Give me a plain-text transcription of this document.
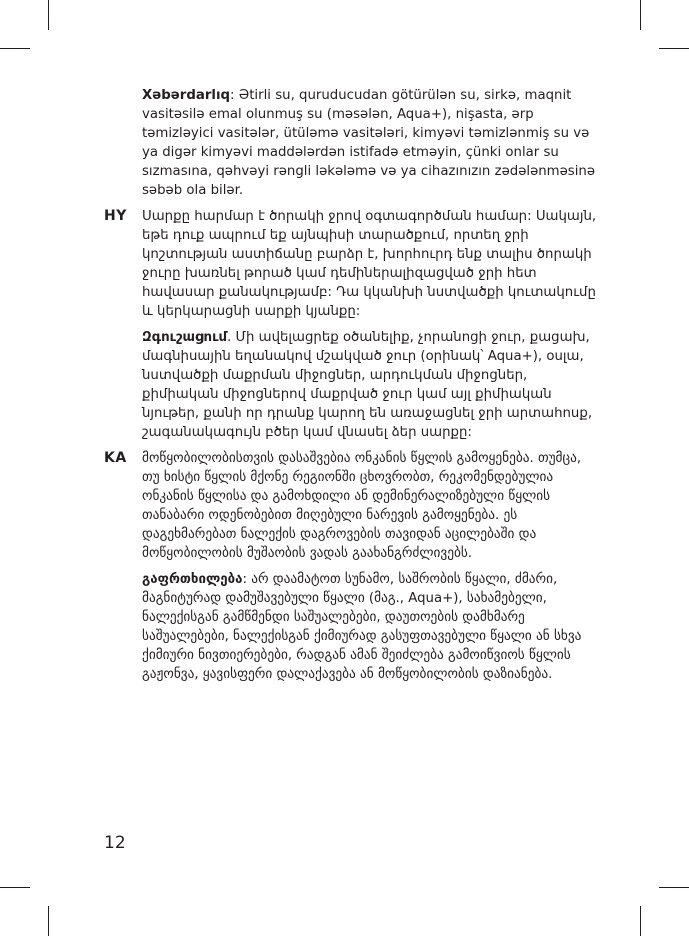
Xəbərdarlıq: Ətirli su, quruducudan götürülən su, sirkə, maqnit vasitəsilə emal olunmuş su (məsələn, Aqua+), nişasta, ərp təmizləyici vasitələr, ütüləmə vasitələri, kimyəvi təmizlənmiş su və ya digər kimyəvi maddələrdən istifadə etməyin, çünki onlar su sızmasına, qəhvəyi rəngli ləkələmə və ya cihazınızın zədələnməsinə səbəb ola bilər.

HY Սարքը հարմար է ծորակի ջրով օգտագործման համար: Սակայն, եթե դուք ապրում եք այնպիսի տարածքում, որտեղ ջրի կոշտության աստիճանը բարձր է, խորհուրդ ենք տալիս ծորակի ջուրը խառնել թորած կամ դեմիներալիզացված ջրի հետ հավասար քանակությամբ: Դա կկանխի նստվածքի կուտակումը և կերկարացնի սարքի կյանքը:

Զգուշացում. Մի ավելացրեք օծանելիք, չորանոցի ջուր, քացախ, մագնիսային եղանակով մշակված ջուր (օրինակ՝ Aqua+), օսլա, նստվածքի մաքրման միջոցներ, արդուկման միջոցներ, քիմիական միջոցներով մաքրված ջուր կամ այլ քիմիական նյութեր, քանի որ դրանք կարող են առաջացնել ջրի արտահոսք, շագանակագույն բծեր կամ վնասել ձեր սարքը:

KA მოწყობილობისთვის დასაშვებია ონკანის წყლის გამოყენება. თუმცა, თუ ხისტი წყლის მქონე რეგიონში ცხოვრობთ, რეკომენდებულია ონკანის წყლისა და გამოხდილი ან დემინერალიზებული წყლის თანაბარი ოდენობებით მიღებული ნარევის გამოყენება. ეს დაგეხმარებათ ნალექის დაგროვების თავიდან აცილებაში და მოწყობილობის მუშაობის ვადას გაახანგრძლივებს.

გაფრთხილება: არ დაამატოთ სუნამო, საშრობის წყალი, ძმარი, მაგნიტურად დამუშავებული წყალი (მაგ., Aqua+), სახამებელი, ნალექისგან გამწმენდი საშუალებები, დაუთოების დამხმარე საშუალებები, ნალექისგან ქიმიურად გასუფთავებული წყალი ან სხვა ქიმიური ნივთიერებები, რადგან ამან შეიძლება გამოიწვიოს წყლის გაჟონვა, ყავისფერი დალაქავება ან მოწყობილობის დაზიანება.

12
